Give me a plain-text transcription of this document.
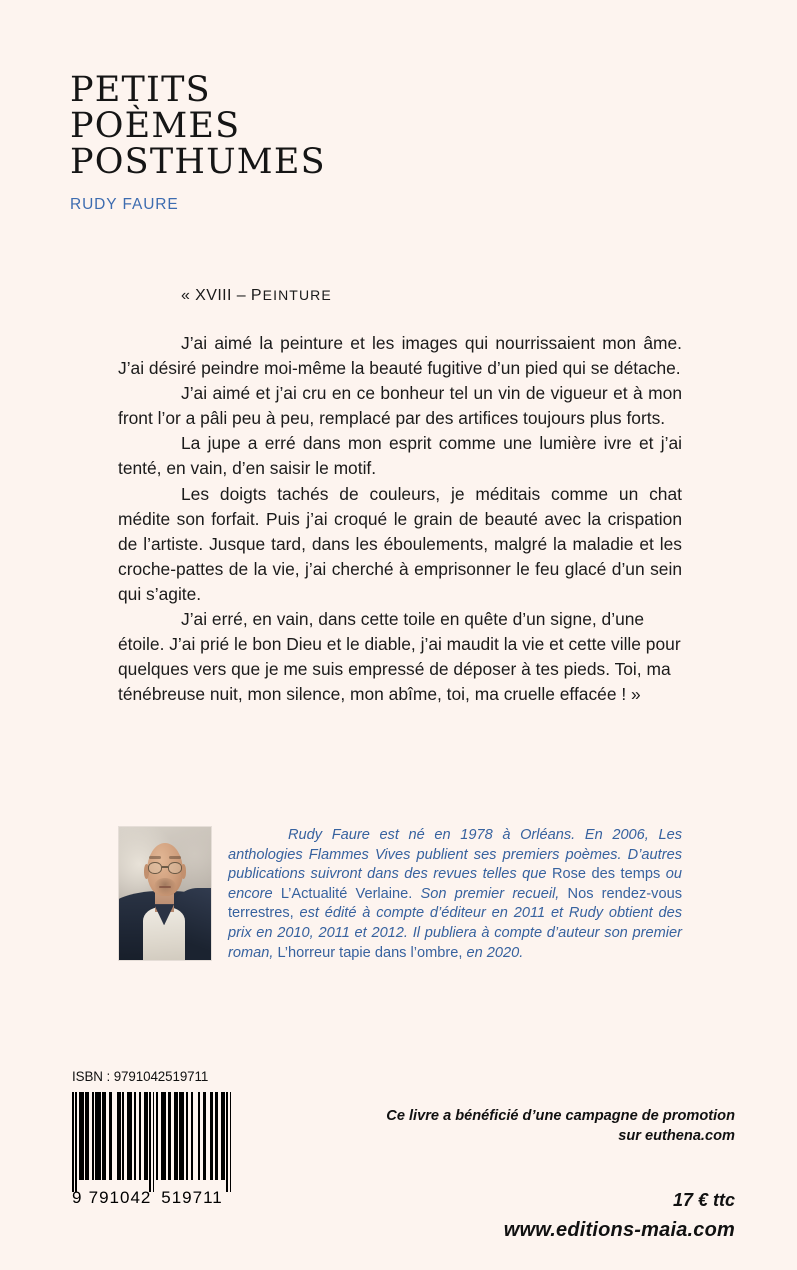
PETITS
POÈMES
POSTHUMES
RUDY FAURE
« XVIII – PEINTURE

J’ai aimé la peinture et les images qui nourrissaient mon âme. J’ai désiré peindre moi-même la beauté fugitive d’un pied qui se détache.

J’ai aimé et j’ai cru en ce bonheur tel un vin de vigueur et à mon front l’or a pâli peu à peu, remplacé par des artifices toujours plus forts.

La jupe a erré dans mon esprit comme une lumière ivre et j’ai tenté, en vain, d’en saisir le motif.

Les doigts tachés de couleurs, je méditais comme un chat médite son forfait. Puis j’ai croqué le grain de beauté avec la crispation de l’artiste. Jusque tard, dans les éboulements, malgré la maladie et les croche-pattes de la vie, j’ai cherché à emprisonner le feu glacé d’un sein qui s’agite.

J’ai erré, en vain, dans cette toile en quête d’un signe, d’une étoile. J’ai prié le bon Dieu et le diable, j’ai maudit la vie et cette ville pour quelques vers que je me suis empressé de déposer à tes pieds. Toi, ma ténébreuse nuit, mon silence, mon abîme, toi, ma cruelle effacée ! »

Rudy Faure est né en 1978 à Orléans. En 2006, Les anthologies Flammes Vives publient ses premiers poèmes. D’autres publications suivront dans des revues telles que Rose des temps ou encore L’Actualité Verlaine. Son premier recueil, Nos rendez-vous terrestres, est édité à compte d’éditeur en 2011 et Rudy obtient des prix en 2010, 2011 et 2012. Il publiera à compte d’auteur son premier roman, L’horreur tapie dans l’ombre, en 2020.

ISBN : 9791042519711
9 791042 519711
Ce livre a bénéficié d’une campagne de promotion
sur euthena.com
17 € ttc
www.editions-maia.com
